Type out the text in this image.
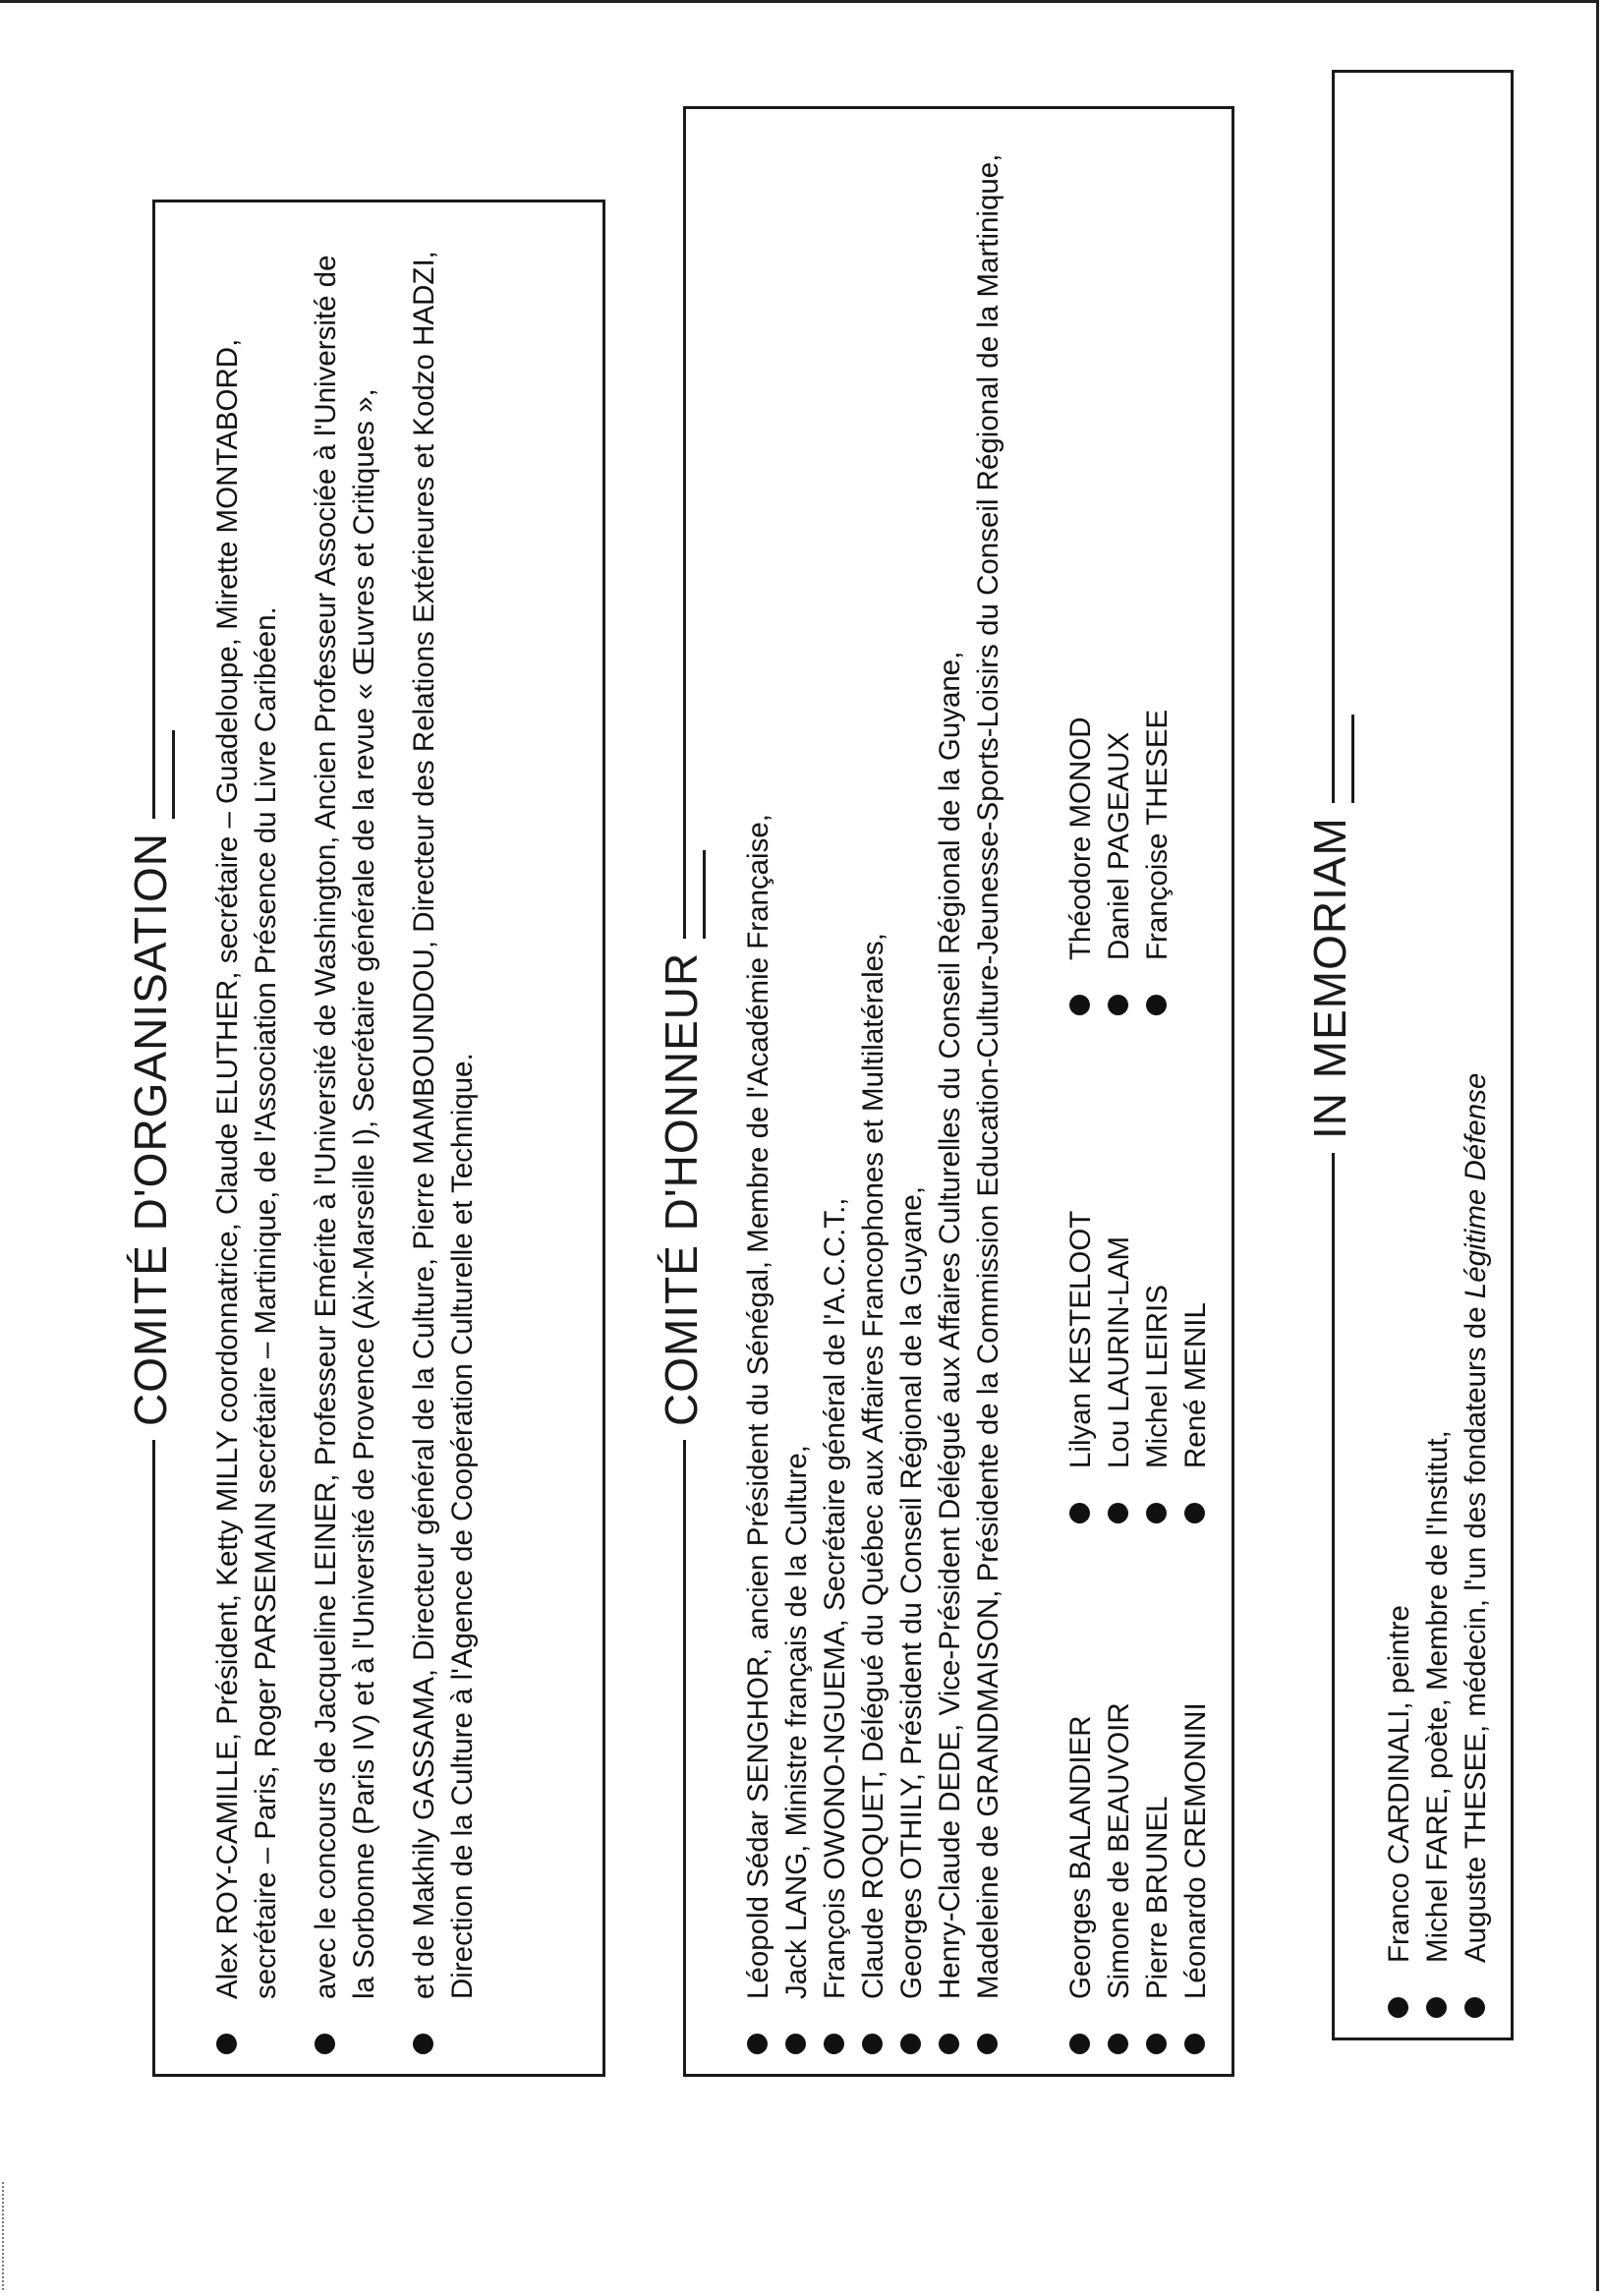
COMITÉ D'ORGANISATION Alex ROY-CAMILLE, Président, Ketty MILLY coordonnatrice, Claude ELUTHER, secrétaire – Guadeloupe, Mirette MONTABORD, secrétaire – Paris, Roger PARSEMAIN secrétaire – Martinique, de l'Association Présence du Livre Caribéen. avec le concours de Jacqueline LEINER, Professeur Emérite à l'Université de Washington, Ancien Professeur Associée à l'Université de la Sorbonne (Paris IV) et à l'Université de Provence (Aix-Marseille I), Secrétaire générale de la revue « Œuvres et Critiques », et de Makhily GASSAMA, Directeur général de la Culture, Pierre MAMBOUNDOU, Directeur des Relations Extérieures et Kodzo HADZI, Direction de la Culture à l'Agence de Coopération Culturelle et Technique.	COMITÉ D'HONNEUR Léopold Sédar SENGHOR, ancien Président du Sénégal, Membre de l'Académie Française, Jack LANG, Ministre français de la Culture, François OWONO-NGUEMA, Secrétaire général de l'A.C.C.T., Claude ROQUET, Délégué du Québec aux Affaires Francophones et Multilatérales, Georges OTHILY, Président du Conseil Régional de la Guyane, Henry-Claude DEDE, Vice-Président Délégué aux Affaires Culturelles du Conseil Régional de la Guyane, Madeleine de GRANDMAISON, Présidente de la Commission Education-Culture-Jeunesse-Sports-Loisirs du Conseil Régional de la Martinique, Georges BALANDIER Simone de BEAUVOIR Pierre BRUNEL Léonardo CREMONINI
Lilyan KESTELOOT Lou LAURIN-LAM Michel LEIRIS René MENIL
Théodore MONOD Daniel PAGEAUX Françoise THESEE	IN MEMORIAM
Franco CARDINALI, peintre Michel FARE, poète, Membre de l'Institut, Auguste THESEE, médecin, l'un des fondateurs de Légitime Défense
